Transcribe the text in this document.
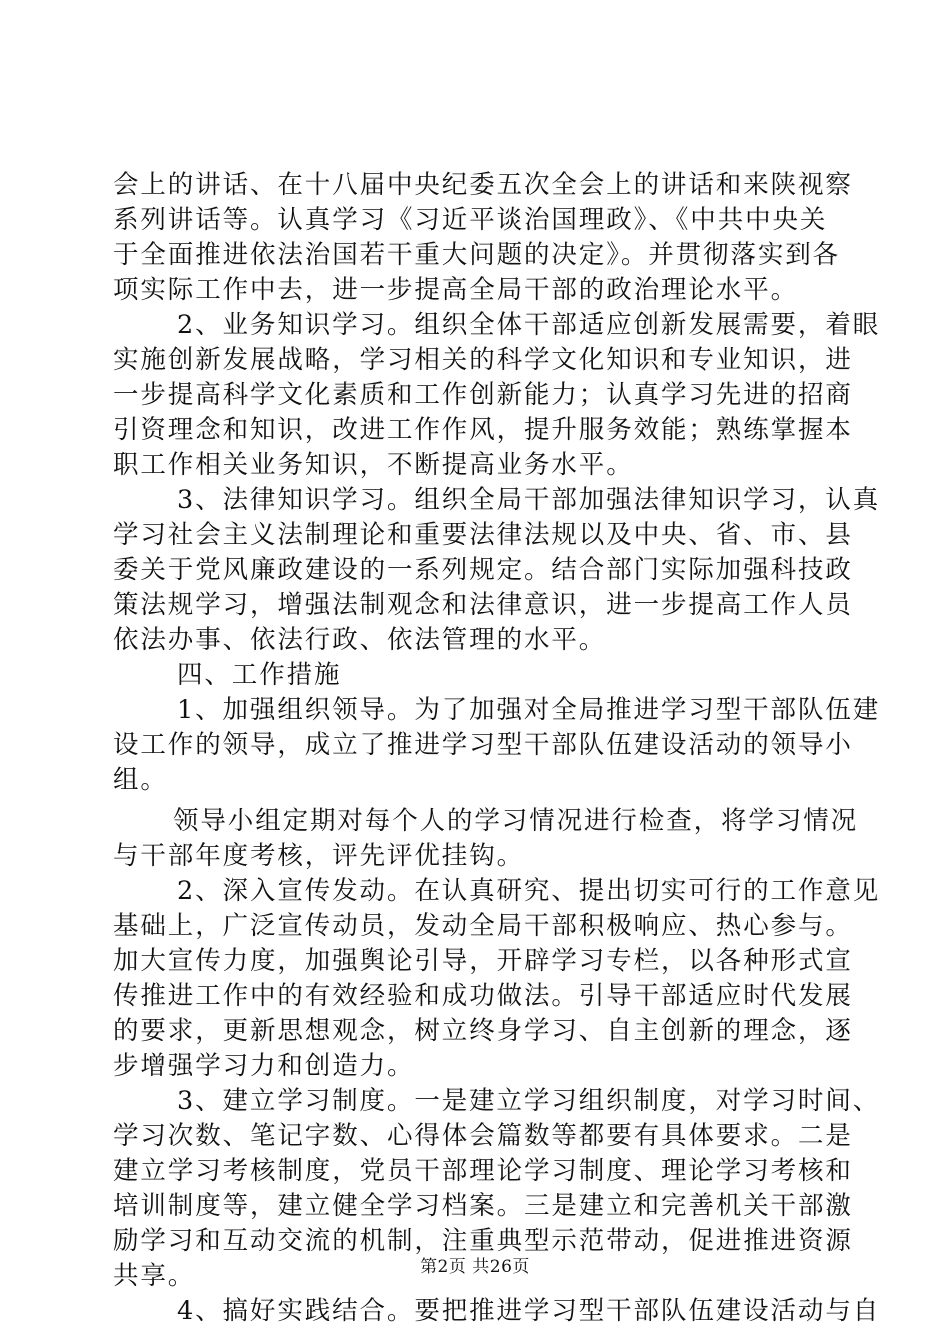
会上的讲话、在十八届中央纪委五次全会上的讲话和来陕视察
系列讲话等。认真学习《习近平谈治国理政》、《中共中央关
于全面推进依法治国若干重大问题的决定》。并贯彻落实到各
项实际工作中去，进一步提高全局干部的政治理论水平。
2、业务知识学习。组织全体干部适应创新发展需要，着眼
实施创新发展战略，学习相关的科学文化知识和专业知识，进
一步提高科学文化素质和工作创新能力；认真学习先进的招商
引资理念和知识，改进工作作风，提升服务效能；熟练掌握本
职工作相关业务知识，不断提高业务水平。
3、法律知识学习。组织全局干部加强法律知识学习，认真
学习社会主义法制理论和重要法律法规以及中央、省、市、县
委关于党风廉政建设的一系列规定。结合部门实际加强科技政
策法规学习，增强法制观念和法律意识，进一步提高工作人员
依法办事、依法行政、依法管理的水平。
四、工作措施
1、加强组织领导。为了加强对全局推进学习型干部队伍建
设工作的领导，成立了推进学习型干部队伍建设活动的领导小
组。
领导小组定期对每个人的学习情况进行检查，将学习情况
与干部年度考核，评先评优挂钩。
2、深入宣传发动。在认真研究、提出切实可行的工作意见
基础上，广泛宣传动员，发动全局干部积极响应、热心参与。
加大宣传力度，加强舆论引导，开辟学习专栏，以各种形式宣
传推进工作中的有效经验和成功做法。引导干部适应时代发展
的要求，更新思想观念，树立终身学习、自主创新的理念，逐
步增强学习力和创造力。
3、建立学习制度。一是建立学习组织制度，对学习时间、
学习次数、笔记字数、心得体会篇数等都要有具体要求。二是
建立学习考核制度，党员干部理论学习制度、理论学习考核和
培训制度等，建立健全学习档案。三是建立和完善机关干部激
励学习和互动交流的机制，注重典型示范带动，促进推进资源
共享。
4、搞好实践结合。要把推进学习型干部队伍建设活动与自
第2页 共26页
